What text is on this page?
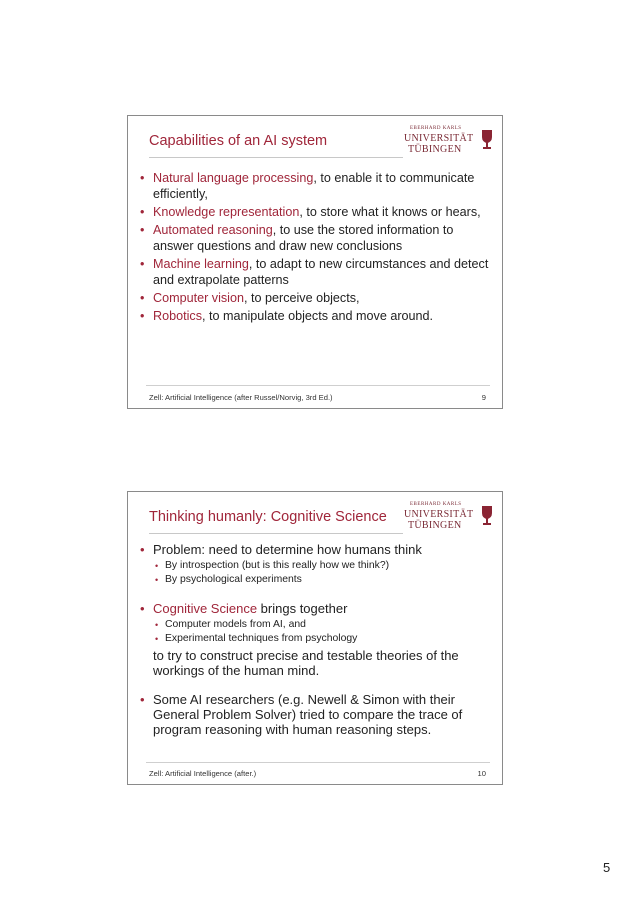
Capabilities of an AI system
EBERHARD KARLS
UNIVERSITÄT
TÜBINGEN
• Natural language processing, to enable it to communicate efficiently,
• Knowledge representation, to store what it knows or hears,
• Automated reasoning, to use the stored information to answer questions and draw new conclusions
• Machine learning, to adapt to new circumstances and detect and extrapolate patterns
• Computer vision, to perceive objects,
• Robotics, to manipulate objects and move around.
Zell: Artificial Intelligence (after Russel/Norvig, 3rd Ed.)	9
Thinking humanly: Cognitive Science
EBERHARD KARLS
UNIVERSITÄT
TÜBINGEN
• Problem: need to determine how humans think
• By introspection (but is this really how we think?)
• By psychological experiments
• Cognitive Science brings together
• Computer models from AI, and
• Experimental techniques from psychology
to try to construct precise and testable theories of the workings of the human mind.
• Some AI researchers (e.g. Newell & Simon with their General Problem Solver) tried to compare the trace of program reasoning with human reasoning steps.
Zell: Artificial Intelligence (after.)	10
5
